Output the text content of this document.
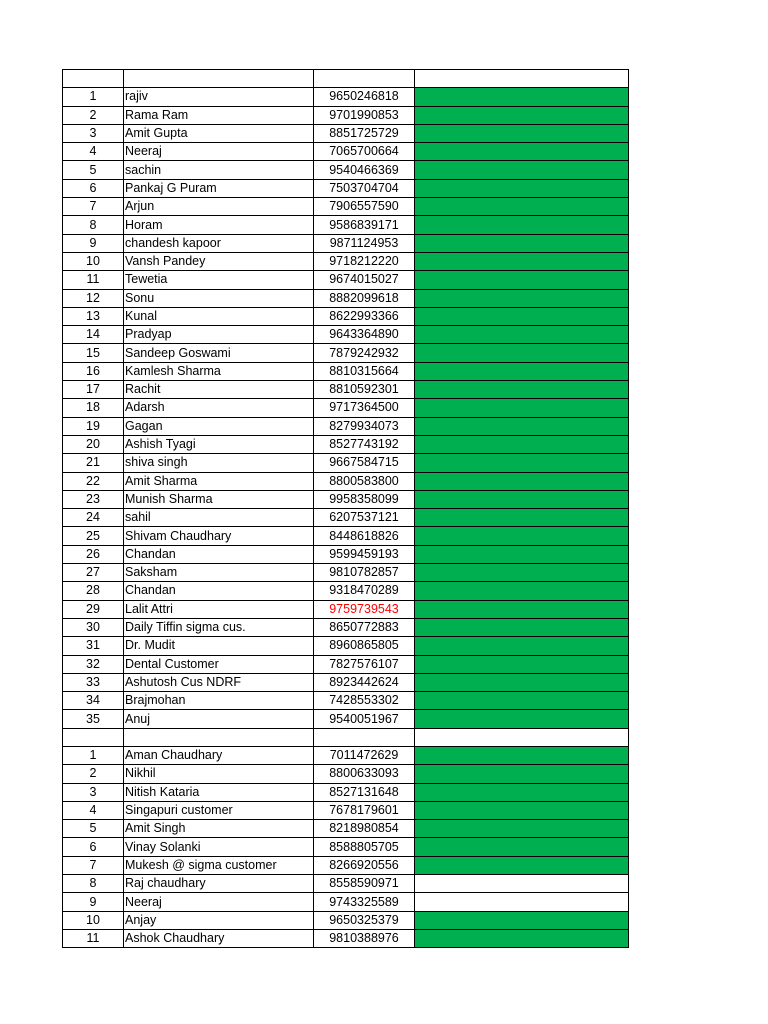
1	rajiv	9650246818	
2	Rama Ram	9701990853	
3	Amit Gupta	8851725729	
4	Neeraj	7065700664	
5	sachin	9540466369	
6	Pankaj G Puram	7503704704	
7	Arjun	7906557590	
8	Horam	9586839171	
9	chandesh kapoor	9871124953	
10	Vansh Pandey	9718212220	
11	Tewetia	9674015027	
12	Sonu	8882099618	
13	Kunal	8622993366	
14	Pradyap	9643364890	
15	Sandeep Goswami	7879242932	
16	Kamlesh Sharma	8810315664	
17	Rachit	8810592301	
18	Adarsh	9717364500	
19	Gagan	8279934073	
20	Ashish Tyagi	8527743192	
21	shiva singh	9667584715	
22	Amit Sharma	8800583800	
23	Munish Sharma	9958358099	
24	sahil	6207537121	
25	Shivam Chaudhary	8448618826	
26	Chandan	9599459193	
27	Saksham	9810782857	
28	Chandan	9318470289	
29	Lalit Attri	9759739543	
30	Daily Tiffin sigma cus.	8650772883	
31	Dr. Mudit	8960865805	
32	Dental Customer	7827576107	
33	Ashutosh Cus NDRF	8923442624	
34	Brajmohan	7428553302	
35	Anuj	9540051967	

1	Aman Chaudhary	7011472629	
2	Nikhil	8800633093	
3	Nitish Kataria	8527131648	
4	Singapuri customer	7678179601	
5	Amit Singh	8218980854	
6	Vinay Solanki	8588805705	
7	Mukesh @ sigma customer	8266920556	
8	Raj chaudhary	8558590971	
9	Neeraj	9743325589	
10	Anjay	9650325379	
11	Ashok Chaudhary	9810388976	
